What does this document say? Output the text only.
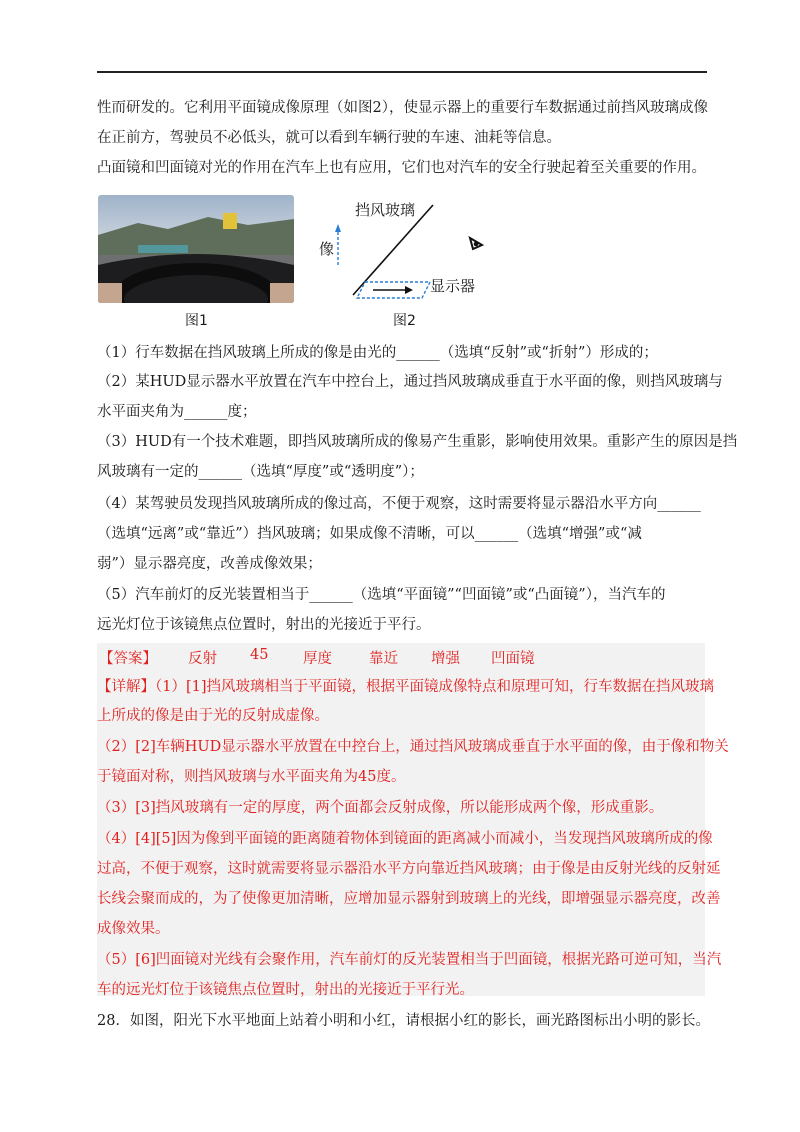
性而研发的。它利用平面镜成像原理（如图2），使显示器上的重要行车数据通过前挡风玻璃成像
在正前方，驾驶员不必低头，就可以看到车辆行驶的车速、油耗等信息。
凸面镜和凹面镜对光的作用在汽车上也有应用，它们也对汽车的安全行驶起着至关重要的作用。
图1
挡风玻璃
像
显示器
图2
（1）行车数据在挡风玻璃上所成的像是由光的______（选填“反射”或“折射”）形成的；
（2）某HUD显示器水平放置在汽车中控台上，通过挡风玻璃成垂直于水平面的像，则挡风玻璃与
水平面夹角为______度；
（3）HUD有一个技术难题，即挡风玻璃所成的像易产生重影，影响使用效果。重影产生的原因是挡
风玻璃有一定的______（选填“厚度”或“透明度”）；
（4）某驾驶员发现挡风玻璃所成的像过高，不便于观察，这时需要将显示器沿水平方向______
（选填“远离”或“靠近”）挡风玻璃；如果成像不清晰，可以______（选填“增强”或“减
弱”）显示器亮度，改善成像效果；
（5）汽车前灯的反光装置相当于______（选填“平面镜”“凹面镜”或“凸面镜”），当汽车的
远光灯位于该镜焦点位置时，射出的光接近于平行。
【答案】 反射 45 厚度	靠近 增强 凹面镜
【详解】（1）[1]挡风玻璃相当于平面镜，根据平面镜成像特点和原理可知，行车数据在挡风玻璃
上所成的像是由于光的反射成虚像。
（2）[2]车辆HUD显示器水平放置在中控台上，通过挡风玻璃成垂直于水平面的像，由于像和物关
于镜面对称，则挡风玻璃与水平面夹角为45度。
（3）[3]挡风玻璃有一定的厚度，两个面都会反射成像，所以能形成两个像，形成重影。
（4）[4][5]因为像到平面镜的距离随着物体到镜面的距离减小而减小，当发现挡风玻璃所成的像
过高，不便于观察，这时就需要将显示器沿水平方向靠近挡风玻璃；由于像是由反射光线的反射延
长线会聚而成的，为了使像更加清晰，应增加显示器射到玻璃上的光线，即增强显示器亮度，改善
成像效果。
（5）[6]凹面镜对光线有会聚作用，汽车前灯的反光装置相当于凹面镜，根据光路可逆可知，当汽
车的远光灯位于该镜焦点位置时，射出的光接近于平行光。
28．如图，阳光下水平地面上站着小明和小红，请根据小红的影长，画光路图标出小明的影长。
